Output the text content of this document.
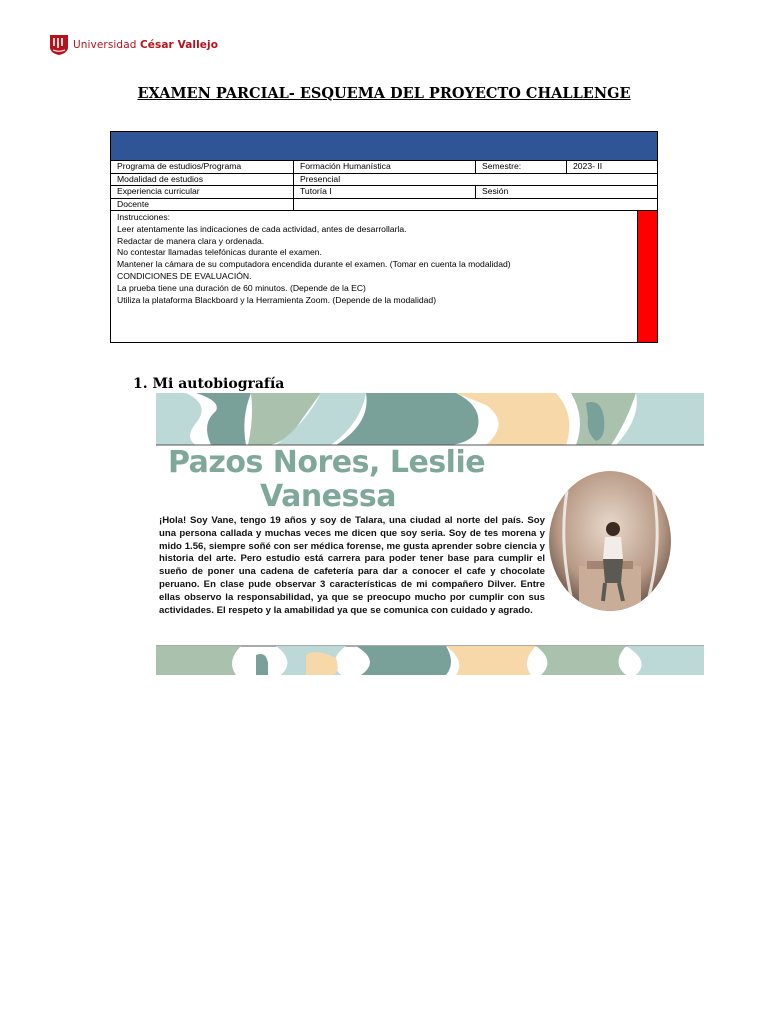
Universidad César Vallejo
EXAMEN PARCIAL- ESQUEMA DEL PROYECTO CHALLENGE
Programa de estudios/Programa	Formación Humanística	Semestre:	2023- II
Modalidad de estudios	Presencial
Experiencia curricular	Tutoría I	Sesión
Docente
Instrucciones:
Leer atentamente las indicaciones de cada actividad, antes de desarrollarla.
Redactar de manera clara y ordenada.
No contestar llamadas telefónicas durante el examen.
Mantener la cámara de su computadora encendida durante el examen. (Tomar en cuenta la modalidad)
CONDICIONES DE EVALUACIÓN.
La prueba tiene una duración de 60 minutos. (Depende de la EC)
Utiliza la plataforma Blackboard y la Herramienta Zoom. (Depende de la modalidad)
1. Mi autobiografía
Pazos Nores, Leslie
Vanessa
¡Hola! Soy Vane, tengo 19 años y soy de Talara, una ciudad al norte del país. Soy una persona callada y muchas veces me dicen que soy seria. Soy de tes morena y mido 1.56, siempre soñé con ser médica forense, me gusta aprender sobre ciencia y historia del arte. Pero estudio está carrera para poder tener base para cumplir el sueño de poner una cadena de cafetería para dar a conocer el cafe y chocolate peruano. En clase pude observar 3 características de mi compañero Dilver. Entre ellas observo la responsabilidad, ya que se preocupo mucho por cumplir con sus actividades. El respeto y la amabilidad ya que se comunica con cuidado y agrado.
